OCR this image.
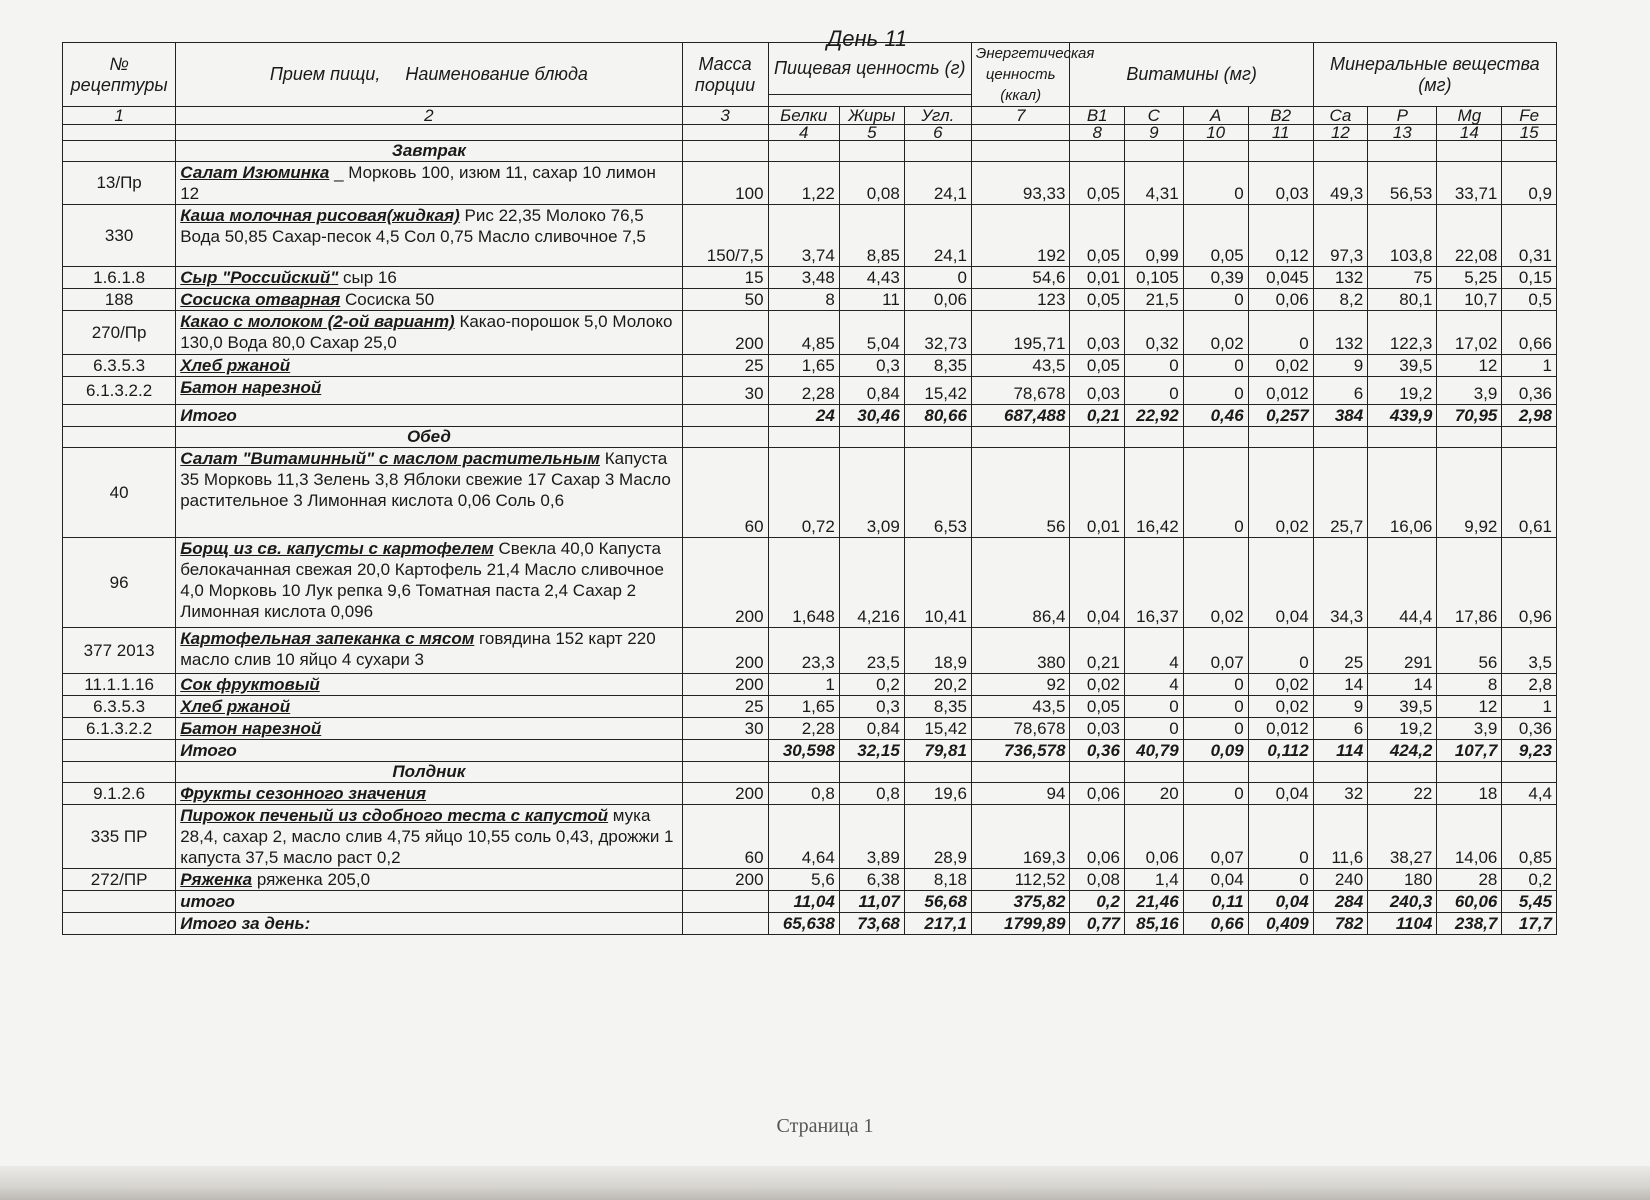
День 11
№ рецептуры	Прием пищи,     Наименование блюда	Масса порции	Пищевая ценность (г)			Энергетическая ценность (ккал)	Витамины (мг)				Минеральные вещества (мг)			

1	2	3	Белки	Жиры	Угл.	7	В1	С	А	В2	Са	Р	Mg	Fe
			4	5	6		8	9	10	11	12	13	14	15
	Завтрак													
13/Пр	Салат Изюминка _ Морковь 100, изюм 11, сахар 10 лимон 12	100	1,22	0,08	24,1	93,33	0,05	4,31	0	0,03	49,3	56,53	33,71	0,9
330	Каша молочная рисовая(жидкая) Рис 22,35 Молоко 76,5 Вода 50,85 Сахар-песок 4,5 Сол 0,75 Масло сливочное 7,5	150/7,5	3,74	8,85	24,1	192	0,05	0,99	0,05	0,12	97,3	103,8	22,08	0,31
1.6.1.8	Сыр "Российский" сыр 16	15	3,48	4,43	0	54,6	0,01	0,105	0,39	0,045	132	75	5,25	0,15
188	Сосиска отварная Сосиска 50	50	8	11	0,06	123	0,05	21,5	0	0,06	8,2	80,1	10,7	0,5
270/Пр	Какао с молоком (2-ой вариант) Какао-порошок 5,0 Молоко 130,0 Вода 80,0 Сахар 25,0	200	4,85	5,04	32,73	195,71	0,03	0,32	0,02	0	132	122,3	17,02	0,66
6.3.5.3	Хлеб ржаной	25	1,65	0,3	8,35	43,5	0,05	0	0	0,02	9	39,5	12	1
6.1.3.2.2	Батон нарезной	30	2,28	0,84	15,42	78,678	0,03	0	0	0,012	6	19,2	3,9	0,36
	Итого		24	30,46	80,66	687,488	0,21	22,92	0,46	0,257	384	439,9	70,95	2,98
	Обед													
40	Салат "Витаминный" с маслом растительным Капуста 35 Морковь 11,3 Зелень 3,8 Яблоки свежие 17 Сахар 3 Масло растительное 3 Лимонная кислота 0,06 Соль 0,6	60	0,72	3,09	6,53	56	0,01	16,42	0	0,02	25,7	16,06	9,92	0,61
96	Борщ из св. капусты с картофелем Свекла 40,0 Капуста белокачанная свежая 20,0 Картофель 21,4 Масло сливочное 4,0 Морковь 10 Лук репка 9,6 Томатная паста 2,4 Сахар 2 Лимонная кислота 0,096	200	1,648	4,216	10,41	86,4	0,04	16,37	0,02	0,04	34,3	44,4	17,86	0,96
377 2013	Картофельная запеканка с мясом говядина 152 карт 220 масло слив 10 яйцо 4 сухари 3	200	23,3	23,5	18,9	380	0,21	4	0,07	0	25	291	56	3,5
11.1.1.16	Сок фруктовый	200	1	0,2	20,2	92	0,02	4	0	0,02	14	14	8	2,8
6.3.5.3	Хлеб ржаной	25	1,65	0,3	8,35	43,5	0,05	0	0	0,02	9	39,5	12	1
6.1.3.2.2	Батон нарезной	30	2,28	0,84	15,42	78,678	0,03	0	0	0,012	6	19,2	3,9	0,36
	Итого		30,598	32,15	79,81	736,578	0,36	40,79	0,09	0,112	114	424,2	107,7	9,23
	Полдник													
9.1.2.6	Фрукты сезонного значения	200	0,8	0,8	19,6	94	0,06	20	0	0,04	32	22	18	4,4
335 ПР	Пирожок печеный из сдобного теста с капустой мука 28,4, сахар 2, масло слив 4,75 яйцо 10,55 соль 0,43, дрожжи 1 капуста 37,5 масло раст 0,2	60	4,64	3,89	28,9	169,3	0,06	0,06	0,07	0	11,6	38,27	14,06	0,85
272/ПР	Ряженка ряженка 205,0	200	5,6	6,38	8,18	112,52	0,08	1,4	0,04	0	240	180	28	0,2
	итого		11,04	11,07	56,68	375,82	0,2	21,46	0,11	0,04	284	240,3	60,06	5,45
	Итого за день:		65,638	73,68	217,1	1799,89	0,77	85,16	0,66	0,409	782	1104	238,7	17,7
Страница 1
